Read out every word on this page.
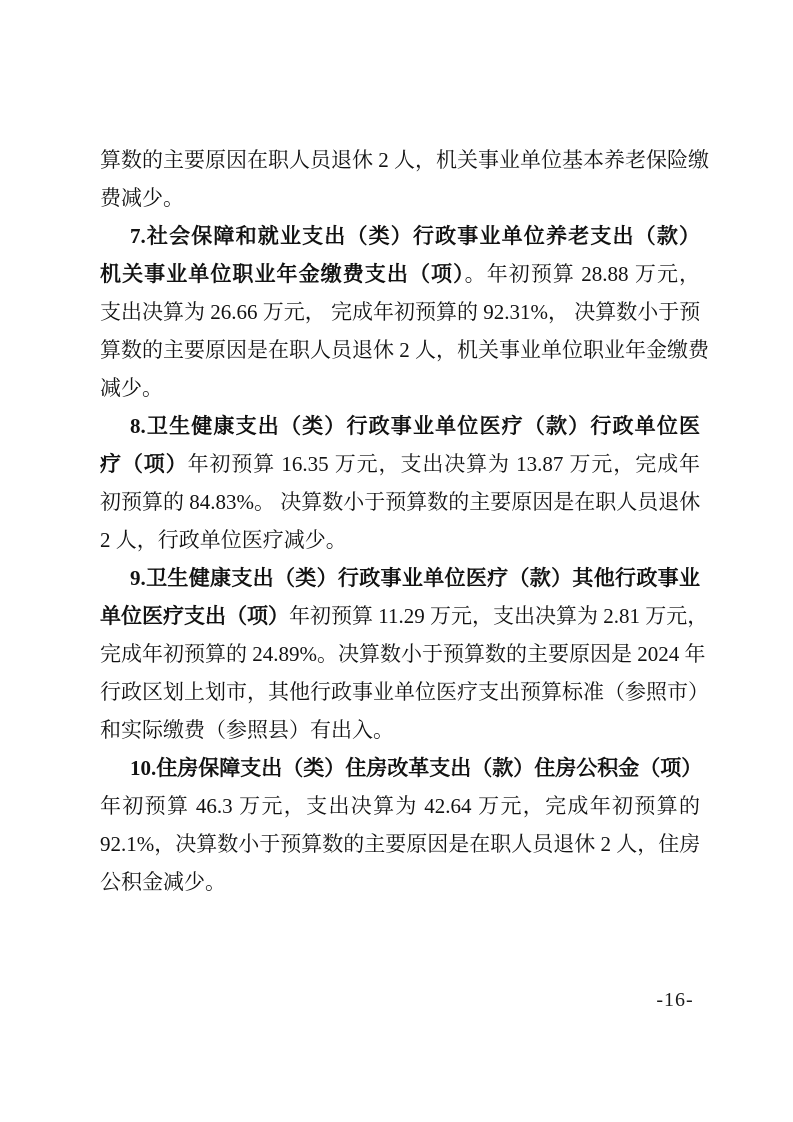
算数的主要原因在职人员退休 2 人，机关事业单位基本养老保险缴
费减少。
7.社会保障和就业支出（类）行政事业单位养老支出（款）
机关事业单位职业年金缴费支出（项）。年初预算 28.88 万元，
支出决算为 26.66 万元， 完成年初预算的 92.31%， 决算数小于预
算数的主要原因是在职人员退休 2 人，机关事业单位职业年金缴费
减少。
8.卫生健康支出（类）行政事业单位医疗（款）行政单位医
疗（项）年初预算 16.35 万元，支出决算为 13.87 万元，完成年
初预算的 84.83%。 决算数小于预算数的主要原因是在职人员退休
2 人，行政单位医疗减少。
9.卫生健康支出（类）行政事业单位医疗（款）其他行政事业
单位医疗支出（项）年初预算 11.29 万元，支出决算为 2.81 万元，
完成年初预算的 24.89%。决算数小于预算数的主要原因是 2024 年
行政区划上划市，其他行政事业单位医疗支出预算标准（参照市）
和实际缴费（参照县）有出入。
10.住房保障支出（类）住房改革支出（款）住房公积金（项）
年初预算 46.3 万元，支出决算为 42.64 万元，完成年初预算的
92.1%，决算数小于预算数的主要原因是在职人员退休 2 人，住房
公积金减少。
-16-
